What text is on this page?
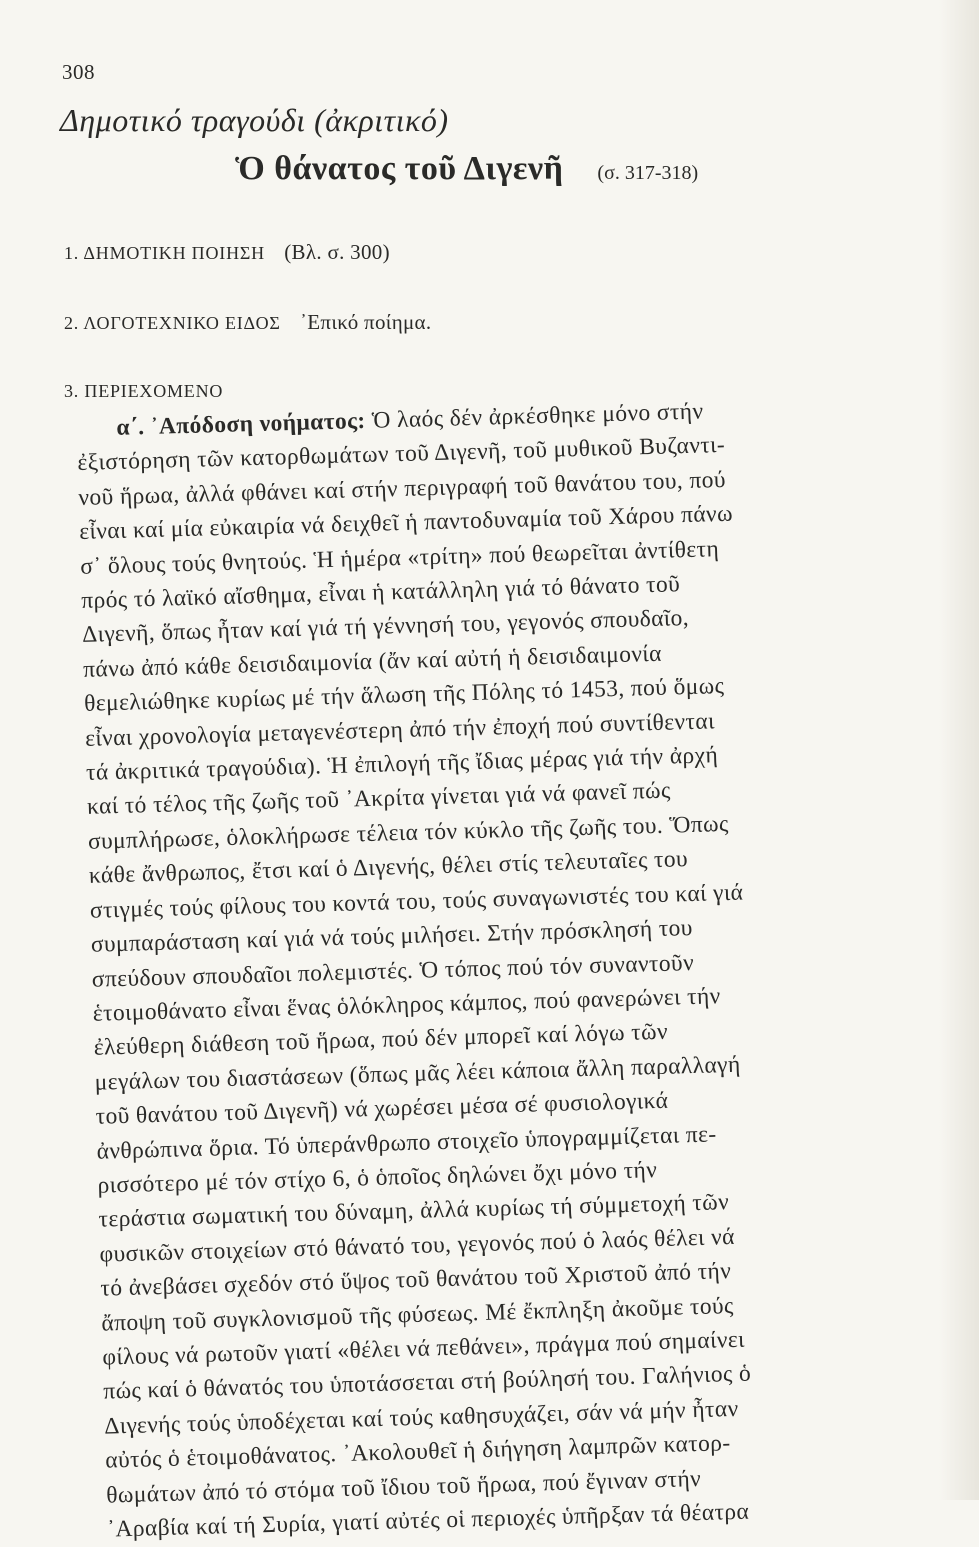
308
Δημοτικό τραγούδι (ἀκριτικό)
Ὁ θάνατος τοῦ Διγενῆ (σ. 317-318)
1. ΔΗΜΟΤΙΚΗ ΠΟΙΗΣΗ (Βλ. σ. 300)
2. ΛΟΓΟΤΕΧΝΙΚΟ ΕΙΔΟΣ ᾿Επικό ποίημα.
3. ΠΕΡΙΕΧΟΜΕΝΟ
α΄. ᾿Απόδοση νοήματος: Ὁ λαός δέν ἀρκέσθηκε μόνο στήν
ἐξιστόρηση τῶν κατορθωμάτων τοῦ Διγενῆ, τοῦ μυθικοῦ Βυζαντι-
νοῦ ἥρωα, ἀλλά φθάνει καί στήν περιγραφή τοῦ θανάτου του, πού
εἶναι καί μία εὐκαιρία νά δειχθεῖ ἡ παντοδυναμία τοῦ Χάρου πάνω
σ᾿ ὅλους τούς θνητούς. Ἡ ἡμέρα «τρίτη» πού θεωρεῖται ἀντίθετη
πρός τό λαϊκό αἴσθημα, εἶναι ἡ κατάλληλη γιά τό θάνατο τοῦ
Διγενῆ, ὅπως ἦταν καί γιά τή γέννησή του, γεγονός σπουδαῖο,
πάνω ἀπό κάθε δεισιδαιμονία (ἄν καί αὐτή ἡ δεισιδαιμονία
θεμελιώθηκε κυρίως μέ τήν ἅλωση τῆς Πόλης τό 1453, πού ὅμως
εἶναι χρονολογία μεταγενέστερη ἀπό τήν ἐποχή πού συντίθενται
τά ἀκριτικά τραγούδια). Ἡ ἐπιλογή τῆς ἴδιας μέρας γιά τήν ἀρχή
καί τό τέλος τῆς ζωῆς τοῦ ᾿Ακρίτα γίνεται γιά νά φανεῖ πώς
συμπλήρωσε, ὁλοκλήρωσε τέλεια τόν κύκλο τῆς ζωῆς του. Ὅπως
κάθε ἄνθρωπος, ἔτσι καί ὁ Διγενής, θέλει στίς τελευταῖες του
στιγμές τούς φίλους του κοντά του, τούς συναγωνιστές του καί γιά
συμπαράσταση καί γιά νά τούς μιλήσει. Στήν πρόσκλησή του
σπεύδουν σπουδαῖοι πολεμιστές. Ὁ τόπος πού τόν συναντοῦν
ἑτοιμοθάνατο εἶναι ἕνας ὁλόκληρος κάμπος, πού φανερώνει τήν
ἐλεύθερη διάθεση τοῦ ἥρωα, πού δέν μπορεῖ καί λόγω τῶν
μεγάλων του διαστάσεων (ὅπως μᾶς λέει κάποια ἄλλη παραλλαγή
τοῦ θανάτου τοῦ Διγενῆ) νά χωρέσει μέσα σέ φυσιολογικά
ἀνθρώπινα ὅρια. Τό ὑπεράνθρωπο στοιχεῖο ὑπογραμμίζεται πε-
ρισσότερο μέ τόν στίχο 6, ὁ ὁποῖος δηλώνει ὄχι μόνο τήν
τεράστια σωματική του δύναμη, ἀλλά κυρίως τή σύμμετοχή τῶν
φυσικῶν στοιχείων στό θάνατό του, γεγονός πού ὁ λαός θέλει νά
τό ἀνεβάσει σχεδόν στό ὕψος τοῦ θανάτου τοῦ Χριστοῦ ἀπό τήν
ἄποψη τοῦ συγκλονισμοῦ τῆς φύσεως. Μέ ἔκπληξη ἀκοῦμε τούς
φίλους νά ρωτοῦν γιατί «θέλει νά πεθάνει», πράγμα πού σημαίνει
πώς καί ὁ θάνατός του ὑποτάσσεται στή βούλησή του. Γαλήνιος ὁ
Διγενής τούς ὑποδέχεται καί τούς καθησυχάζει, σάν νά μήν ἦταν
αὐτός ὁ ἑτοιμοθάνατος. ᾿Ακολουθεῖ ἡ διήγηση λαμπρῶν κατορ-
θωμάτων ἀπό τό στόμα τοῦ ἴδιου τοῦ ἥρωα, πού ἔγιναν στήν
᾿Αραβία καί τή Συρία, γιατί αὐτές οἱ περιοχές ὑπῆρξαν τά θέατρα
